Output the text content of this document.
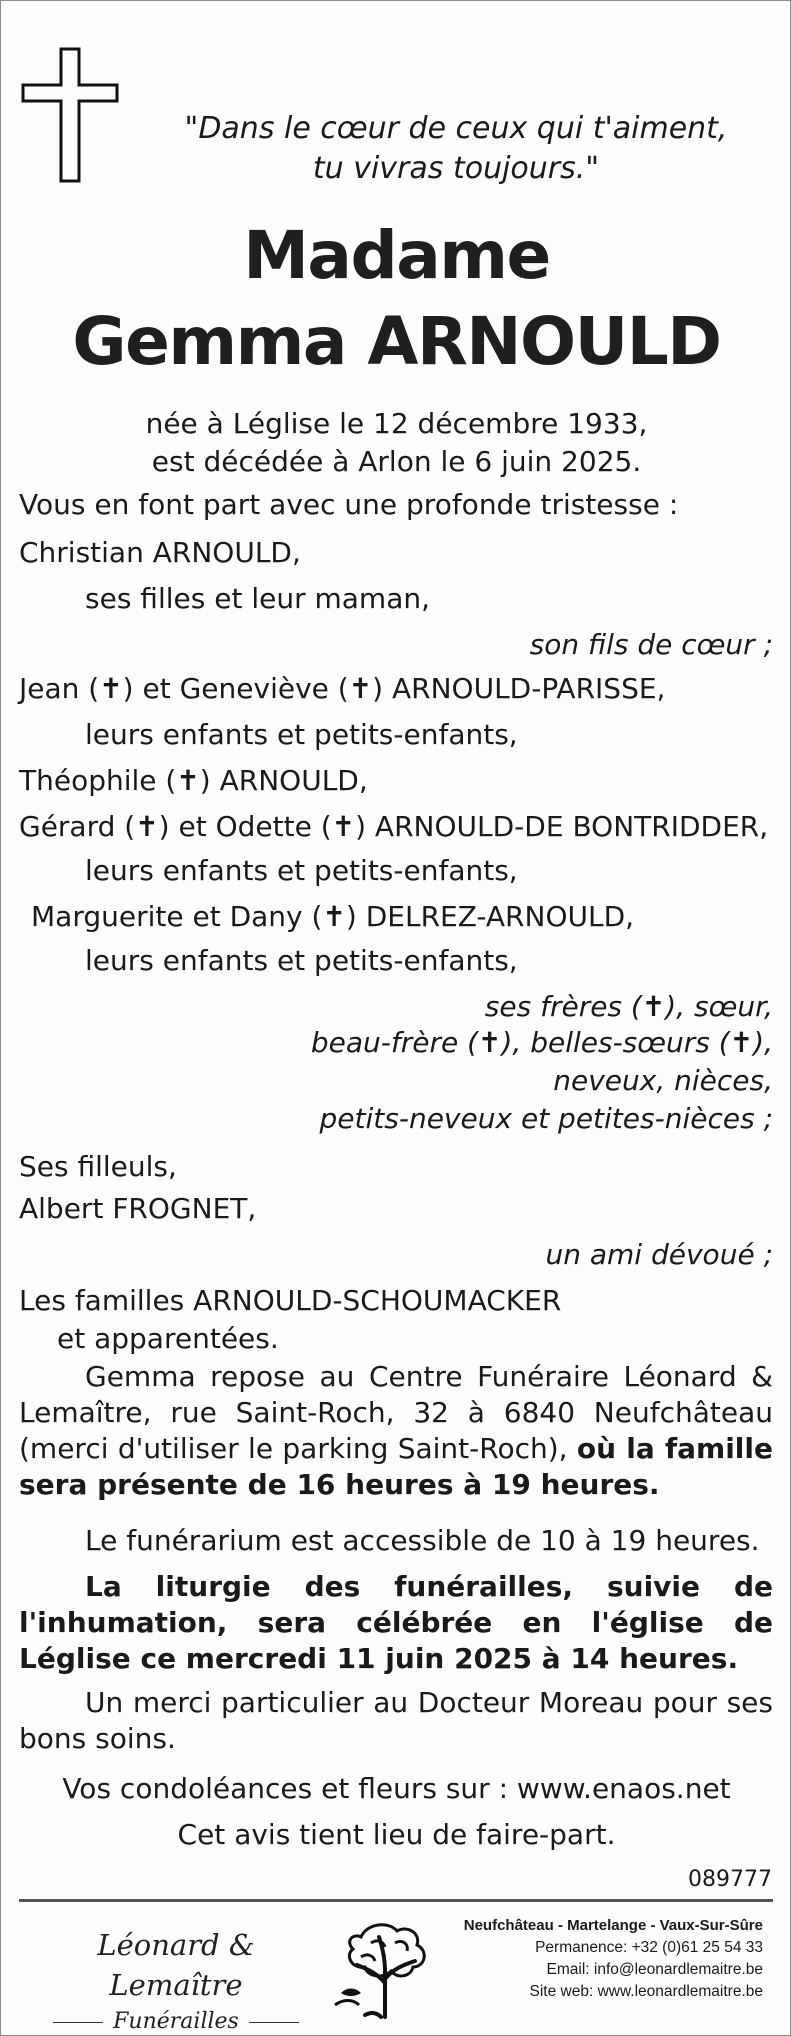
"Dans le cœur de ceux qui t'aiment,
tu vivras toujours."
Madame
Gemma ARNOULD
née à Léglise le 12 décembre 1933,
est décédée à Arlon le 6 juin 2025.
Vous en font part avec une profonde tristesse :
Christian ARNOULD,
ses filles et leur maman,
son fils de cœur ;
Jean (✝) et Geneviève (✝) ARNOULD-PARISSE,
leurs enfants et petits-enfants,
Théophile (✝) ARNOULD,
Gérard (✝) et Odette (✝) ARNOULD-DE BONTRIDDER,
leurs enfants et petits-enfants,
Marguerite et Dany (✝) DELREZ-ARNOULD,
leurs enfants et petits-enfants,
ses frères (✝), sœur,
beau-frère (✝), belles-sœurs (✝),
neveux, nièces,
petits-neveux et petites-nièces ;
Ses filleuls,
Albert FROGNET,
un ami dévoué ;
Les familles ARNOULD-SCHOUMACKER
et apparentées.
Gemma repose au Centre Funéraire Léonard & Lemaître, rue Saint-Roch, 32 à 6840 Neufchâteau (merci d'utiliser le parking Saint-Roch), où la famille sera présente de 16 heures à 19 heures.
Le funérarium est accessible de 10 à 19 heures.
La liturgie des funérailles, suivie de l'inhumation, sera célébrée en l'église de Léglise ce mercredi 11 juin 2025 à 14 heures.
Un merci particulier au Docteur Moreau pour ses bons soins.
Vos condoléances et fleurs sur : www.enaos.net
Cet avis tient lieu de faire-part.
089777
Léonard & Lemaître
Funérailles
Neufchâteau - Martelange - Vaux-Sur-Sûre
Permanence: +32 (0)61 25 54 33
Email: info@leonardlemaitre.be
Site web: www.leonardlemaitre.be
